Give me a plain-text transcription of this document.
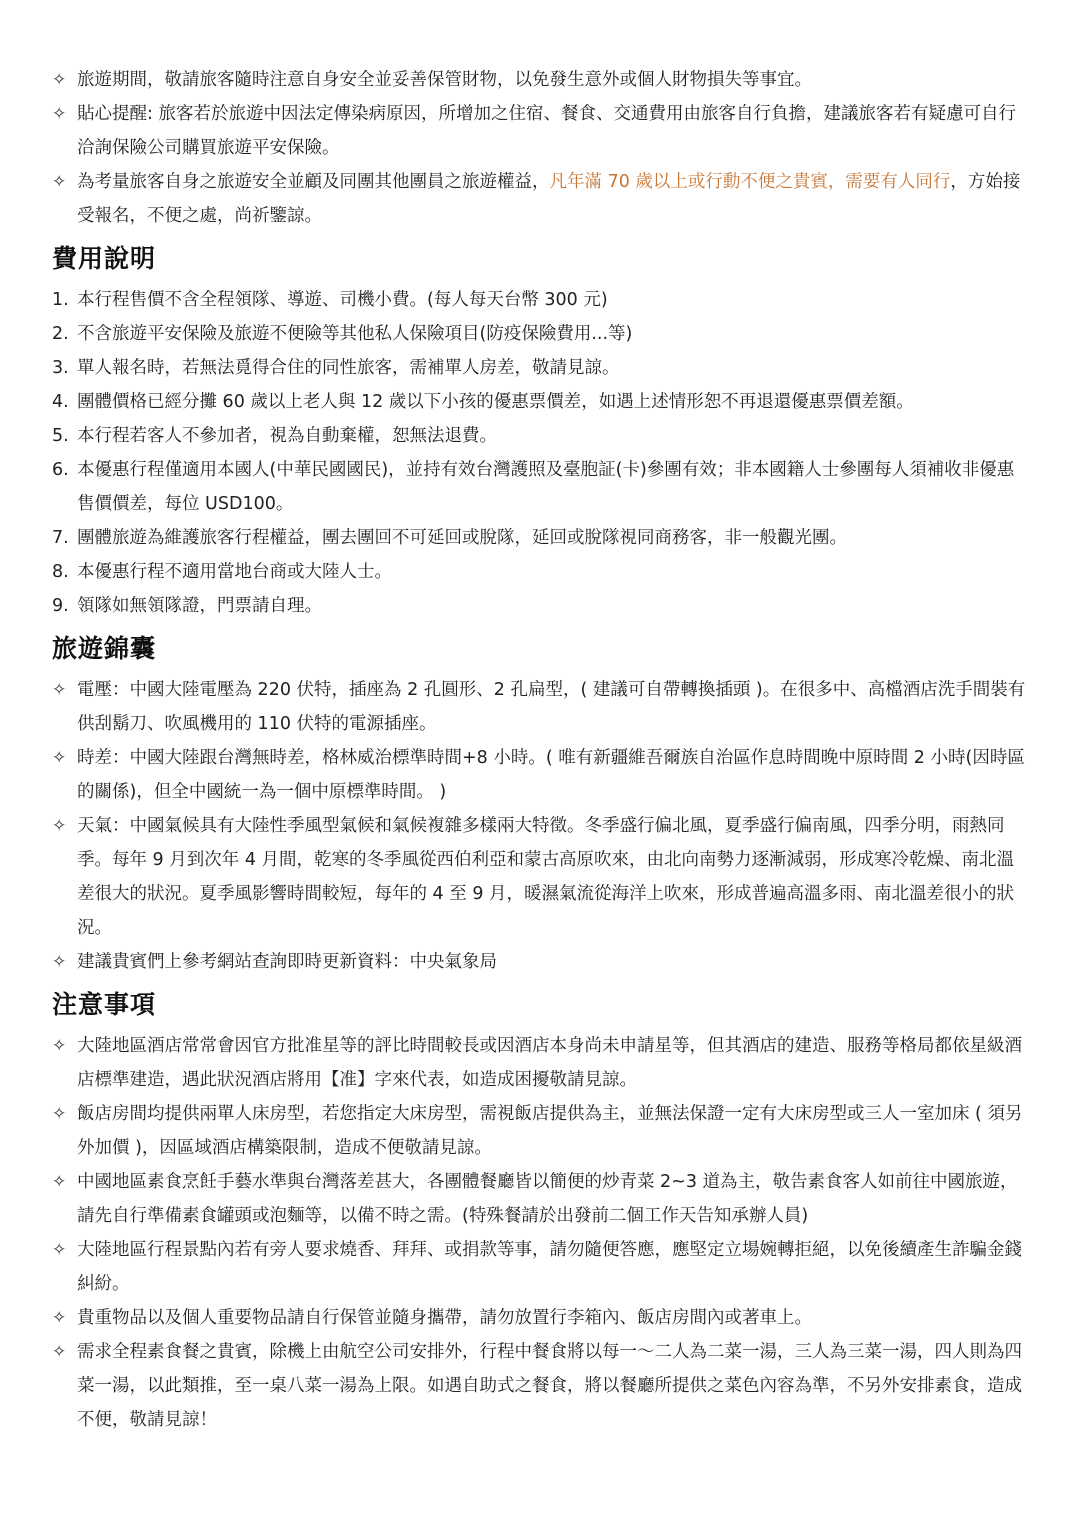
✧ 旅遊期間，敬請旅客隨時注意自身安全並妥善保管財物，以免發生意外或個人財物損失等事宜。
✧ 貼心提醒: 旅客若於旅遊中因法定傳染病原因，所增加之住宿、餐食、交通費用由旅客自行負擔，建議旅客若有疑慮可自行洽詢保險公司購買旅遊平安保險。
✧ 為考量旅客自身之旅遊安全並顧及同團其他團員之旅遊權益，凡年滿 70 歲以上或行動不便之貴賓，需要有人同行，方始接受報名，不便之處，尚祈鑒諒。
費用說明
1. 本行程售價不含全程領隊、導遊、司機小費。(每人每天台幣 300 元)
2. 不含旅遊平安保險及旅遊不便險等其他私人保險項目(防疫保險費用...等)
3. 單人報名時，若無法覓得合住的同性旅客，需補單人房差，敬請見諒。
4. 團體價格已經分攤 60 歲以上老人與 12 歲以下小孩的優惠票價差，如遇上述情形恕不再退還優惠票價差額。
5. 本行程若客人不參加者，視為自動棄權，恕無法退費。
6. 本優惠行程僅適用本國人(中華民國國民)，並持有效台灣護照及臺胞証(卡)參團有效；非本國籍人士參團每人須補收非優惠售價價差，每位 USD100。
7. 團體旅遊為維護旅客行程權益，團去團回不可延回或脫隊，延回或脫隊視同商務客，非一般觀光團。
8. 本優惠行程不適用當地台商或大陸人士。
9. 領隊如無領隊證，門票請自理。
旅遊錦囊
✧ 電壓：中國大陸電壓為 220 伏特，插座為 2 孔圓形、2 孔扁型，( 建議可自帶轉換插頭 )。在很多中、高檔酒店洗手間裝有供刮鬍刀、吹風機用的 110 伏特的電源插座。
✧ 時差：中國大陸跟台灣無時差，格林威治標準時間+8 小時。( 唯有新疆維吾爾族自治區作息時間晚中原時間 2 小時(因時區的關係)，但全中國統一為一個中原標準時間。 )
✧ 天氣：中國氣候具有大陸性季風型氣候和氣候複雜多樣兩大特徵。冬季盛行偏北風，夏季盛行偏南風，四季分明，雨熱同季。每年 9 月到次年 4 月間，乾寒的冬季風從西伯利亞和蒙古高原吹來，由北向南勢力逐漸減弱，形成寒冷乾燥、南北溫差很大的狀況。夏季風影響時間較短，每年的 4 至 9 月，暖濕氣流從海洋上吹來，形成普遍高溫多雨、南北溫差很小的狀況。
✧ 建議貴賓們上參考網站查詢即時更新資料：中央氣象局
注意事項
✧ 大陸地區酒店常常會因官方批准星等的評比時間較長或因酒店本身尚未申請星等，但其酒店的建造、服務等格局都依星級酒店標準建造，遇此狀況酒店將用【准】字來代表，如造成困擾敬請見諒。
✧ 飯店房間均提供兩單人床房型，若您指定大床房型，需視飯店提供為主，並無法保證一定有大床房型或三人一室加床 ( 須另外加價 )，因區域酒店構築限制，造成不便敬請見諒。
✧ 中國地區素食烹飪手藝水準與台灣落差甚大，各團體餐廳皆以簡便的炒青菜 2~3 道為主，敬告素食客人如前往中國旅遊，請先自行準備素食罐頭或泡麵等，以備不時之需。(特殊餐請於出發前二個工作天告知承辦人員)
✧ 大陸地區行程景點內若有旁人要求燒香、拜拜、或捐款等事，請勿隨便答應，應堅定立場婉轉拒絕，以免後續產生詐騙金錢糾紛。
✧ 貴重物品以及個人重要物品請自行保管並隨身攜帶，請勿放置行李箱內、飯店房間內或著車上。
✧ 需求全程素食餐之貴賓，除機上由航空公司安排外，行程中餐食將以每一～二人為二菜一湯，三人為三菜一湯，四人則為四菜一湯，以此類推，至一桌八菜一湯為上限。如遇自助式之餐食，將以餐廳所提供之菜色內容為準，不另外安排素食，造成不便，敬請見諒！
